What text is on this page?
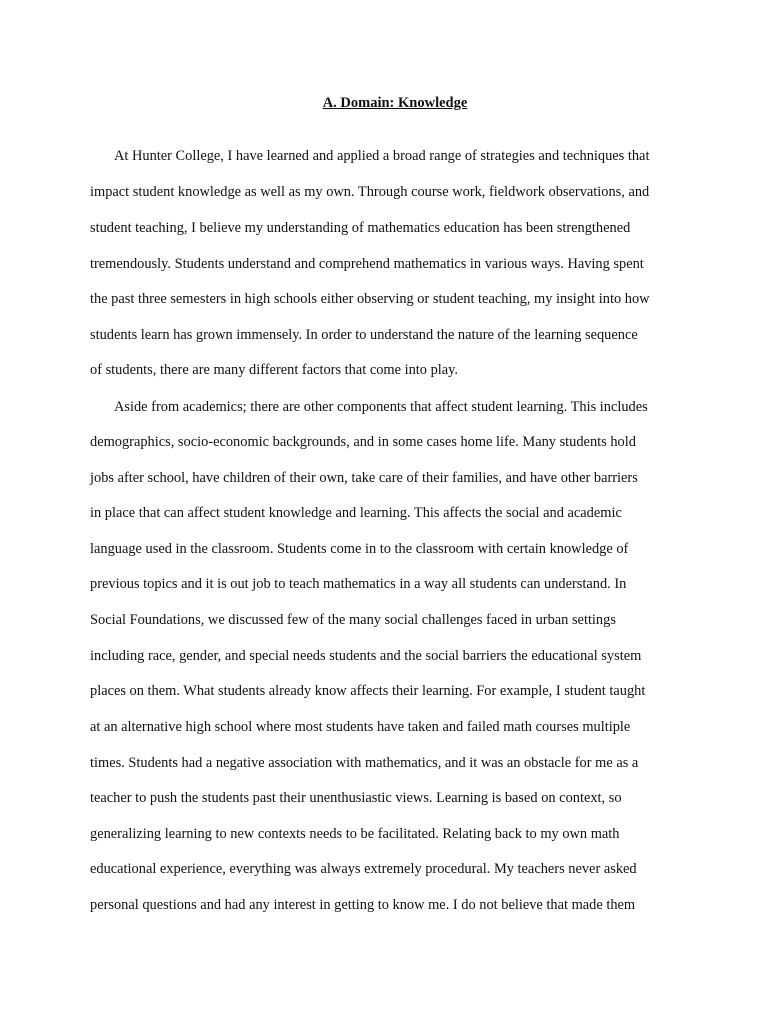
A. Domain: Knowledge
At Hunter College, I have learned and applied a broad range of strategies and techniques that
impact student knowledge as well as my own. Through course work, fieldwork observations, and
student teaching, I believe my understanding of mathematics education has been strengthened
tremendously. Students understand and comprehend mathematics in various ways. Having spent
the past three semesters in high schools either observing or student teaching, my insight into how
students learn has grown immensely. In order to understand the nature of the learning sequence
of students, there are many different factors that come into play.
Aside from academics; there are other components that affect student learning. This includes
demographics, socio-economic backgrounds, and in some cases home life. Many students hold
jobs after school, have children of their own, take care of their families, and have other barriers
in place that can affect student knowledge and learning. This affects the social and academic
language used in the classroom. Students come in to the classroom with certain knowledge of
previous topics and it is out job to teach mathematics in a way all students can understand. In
Social Foundations, we discussed few of the many social challenges faced in urban settings
including race, gender, and special needs students and the social barriers the educational system
places on them. What students already know affects their learning. For example, I student taught
at an alternative high school where most students have taken and failed math courses multiple
times. Students had a negative association with mathematics, and it was an obstacle for me as a
teacher to push the students past their unenthusiastic views. Learning is based on context, so
generalizing learning to new contexts needs to be facilitated. Relating back to my own math
educational experience, everything was always extremely procedural. My teachers never asked
personal questions and had any interest in getting to know me. I do not believe that made them
